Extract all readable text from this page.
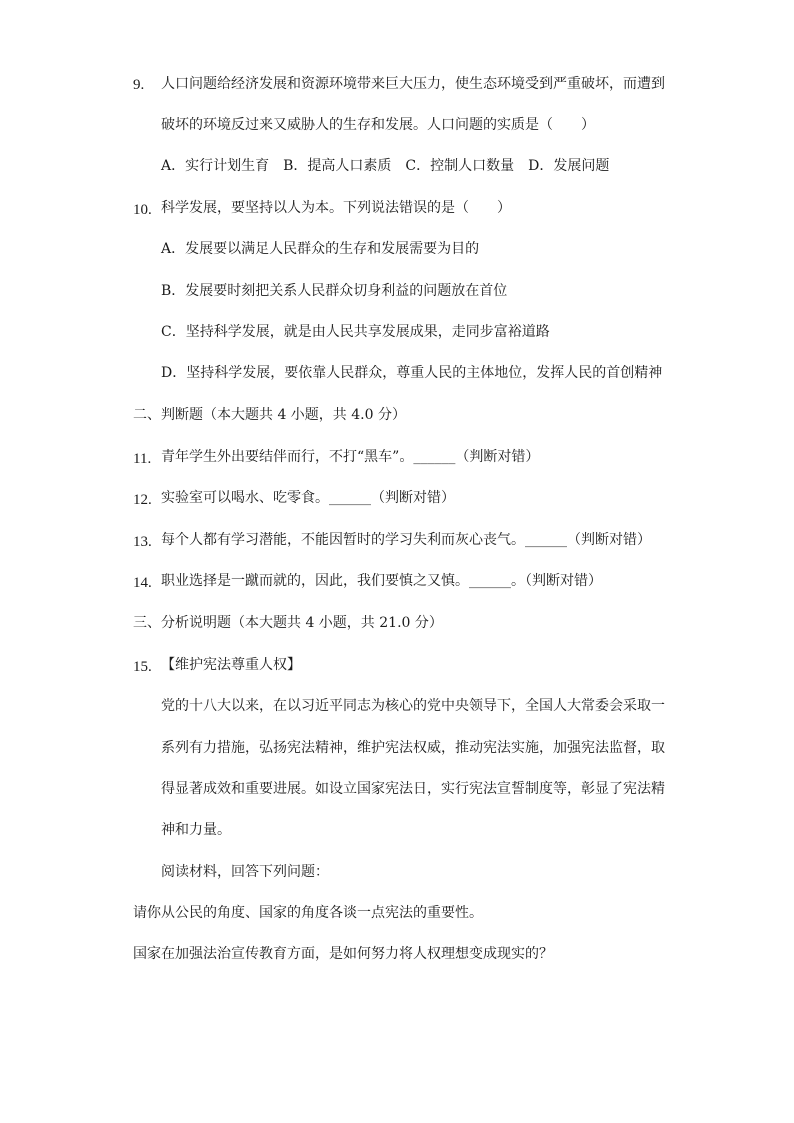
9. 人口问题给经济发展和资源环境带来巨大压力，使生态环境受到严重破坏，而遭到
破坏的环境反过来又威胁人的生存和发展。人口问题的实质是（　　）
A．实行计划生育　B．提高人口素质　C．控制人口数量　D．发展问题
10. 科学发展，要坚持以人为本。下列说法错误的是（　　）
A．发展要以满足人民群众的生存和发展需要为目的
B．发展要时刻把关系人民群众切身利益的问题放在首位
C．坚持科学发展，就是由人民共享发展成果，走同步富裕道路
D．坚持科学发展，要依靠人民群众，尊重人民的主体地位，发挥人民的首创精神
二、判断题（本大题共 4 小题，共 4.0 分）
11. 青年学生外出要结伴而行，不打“黑车”。______（判断对错）
12. 实验室可以喝水、吃零食。______（判断对错）
13. 每个人都有学习潜能，不能因暂时的学习失利而灰心丧气。______（判断对错）
14. 职业选择是一蹴而就的，因此，我们要慎之又慎。______。（判断对错）
三、分析说明题（本大题共 4 小题，共 21.0 分）
15. 【维护宪法尊重人权】
党的十八大以来，在以习近平同志为核心的党中央领导下，全国人大常委会采取一
系列有力措施，弘扬宪法精神，维护宪法权威，推动宪法实施，加强宪法监督，取
得显著成效和重要进展。如设立国家宪法日，实行宪法宣誓制度等，彰显了宪法精
神和力量。
阅读材料，回答下列问题：
请你从公民的角度、国家的角度各谈一点宪法的重要性。
国家在加强法治宣传教育方面，是如何努力将人权理想变成现实的？
